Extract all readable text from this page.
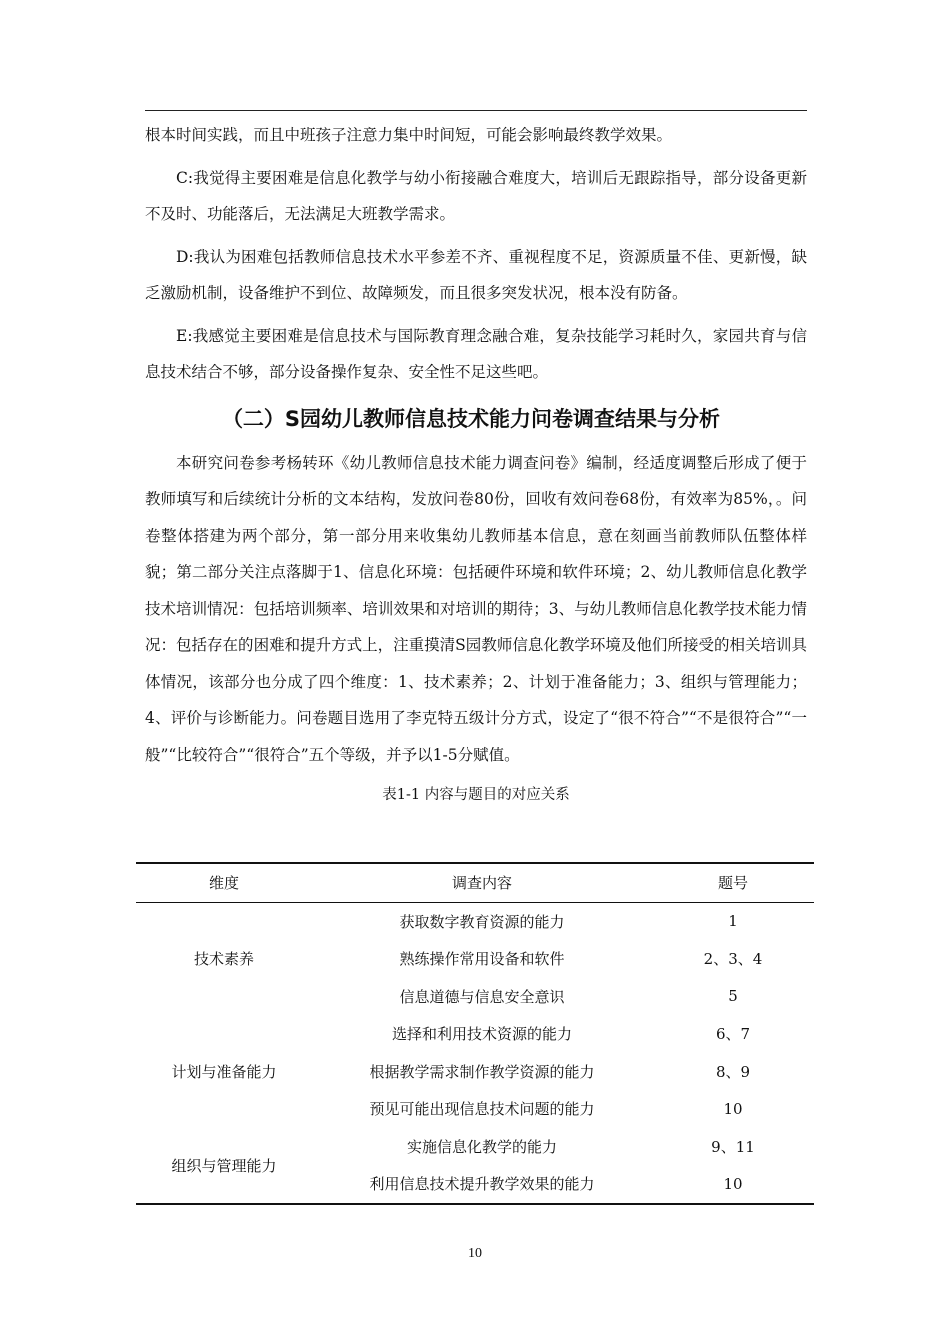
根本时间实践，而且中班孩子注意力集中时间短，可能会影响最终教学效果。

C:我觉得主要困难是信息化教学与幼小衔接融合难度大，培训后无跟踪指导，部分设备更新不及时、功能落后，无法满足大班教学需求。

D:我认为困难包括教师信息技术水平参差不齐、重视程度不足，资源质量不佳、更新慢，缺乏激励机制，设备维护不到位、故障频发，而且很多突发状况，根本没有防备。

E:我感觉主要困难是信息技术与国际教育理念融合难，复杂技能学习耗时久，家园共育与信息技术结合不够，部分设备操作复杂、安全性不足这些吧。

（二）S园幼儿教师信息技术能力问卷调查结果与分析

本研究问卷参考杨转环《幼儿教师信息技术能力调查问卷》编制，经适度调整后形成了便于教师填写和后续统计分析的文本结构，发放问卷80份，回收有效问卷68份，有效率为85%，。问卷整体搭建为两个部分，第一部分用来收集幼儿教师基本信息，意在刻画当前教师队伍整体样貌；第二部分关注点落脚于1、信息化环境：包括硬件环境和软件环境；2、幼儿教师信息化教学技术培训情况：包括培训频率、培训效果和对培训的期待；3、与幼儿教师信息化教学技术能力情况：包括存在的困难和提升方式上，注重摸清S园教师信息化教学环境及他们所接受的相关培训具体情况，该部分也分成了四个维度：1、技术素养；2、计划于准备能力；3、组织与管理能力；4、评价与诊断能力。问卷题目选用了李克特五级计分方式，设定了“很不符合”“不是很符合”“一般”“比较符合”“很符合”五个等级，并予以1-5分赋值。

表1-1 内容与题目的对应关系
维度	调查内容	题号
技术素养	获取数字教育资源的能力	1
	熟练操作常用设备和软件	2、3、4
	信息道德与信息安全意识	5
计划与准备能力	选择和利用技术资源的能力	6、7
	根据教学需求制作教学资源的能力	8、9
	预见可能出现信息技术问题的能力	10
组织与管理能力	实施信息化教学的能力	9、11
	利用信息技术提升教学效果的能力	10
10
